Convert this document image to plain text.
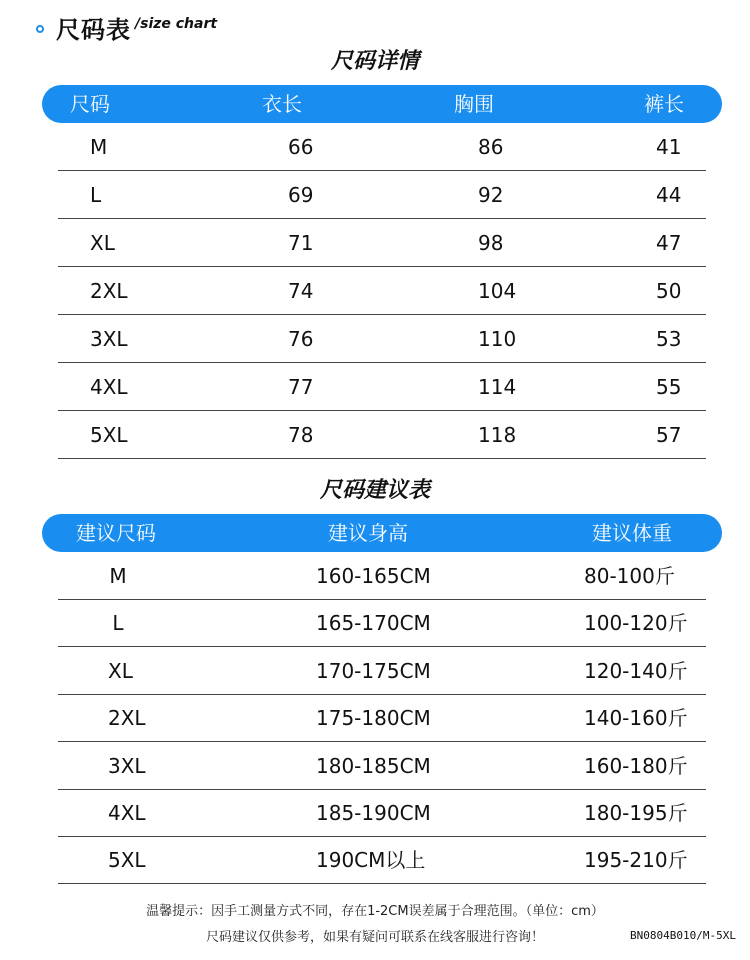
尺码表 /size chart
尺码详情
尺码	衣长	胸围	裤长
M	66	86	41
L	69	92	44
XL	71	98	47
2XL	74	104	50
3XL	76	110	53
4XL	77	114	55
5XL	78	118	57
尺码建议表
建议尺码	建议身高	建议体重
M	160-165CM	80-100斤
L	165-170CM	100-120斤
XL	170-175CM	120-140斤
2XL	175-180CM	140-160斤
3XL	180-185CM	160-180斤
4XL	185-190CM	180-195斤
5XL	190CM以上	195-210斤
温馨提示：因手工测量方式不同，存在1-2CM误差属于合理范围。（单位：cm）
尺码建议仅供参考，如果有疑问可联系在线客服进行咨询！	BN0804B010/M-5XL
